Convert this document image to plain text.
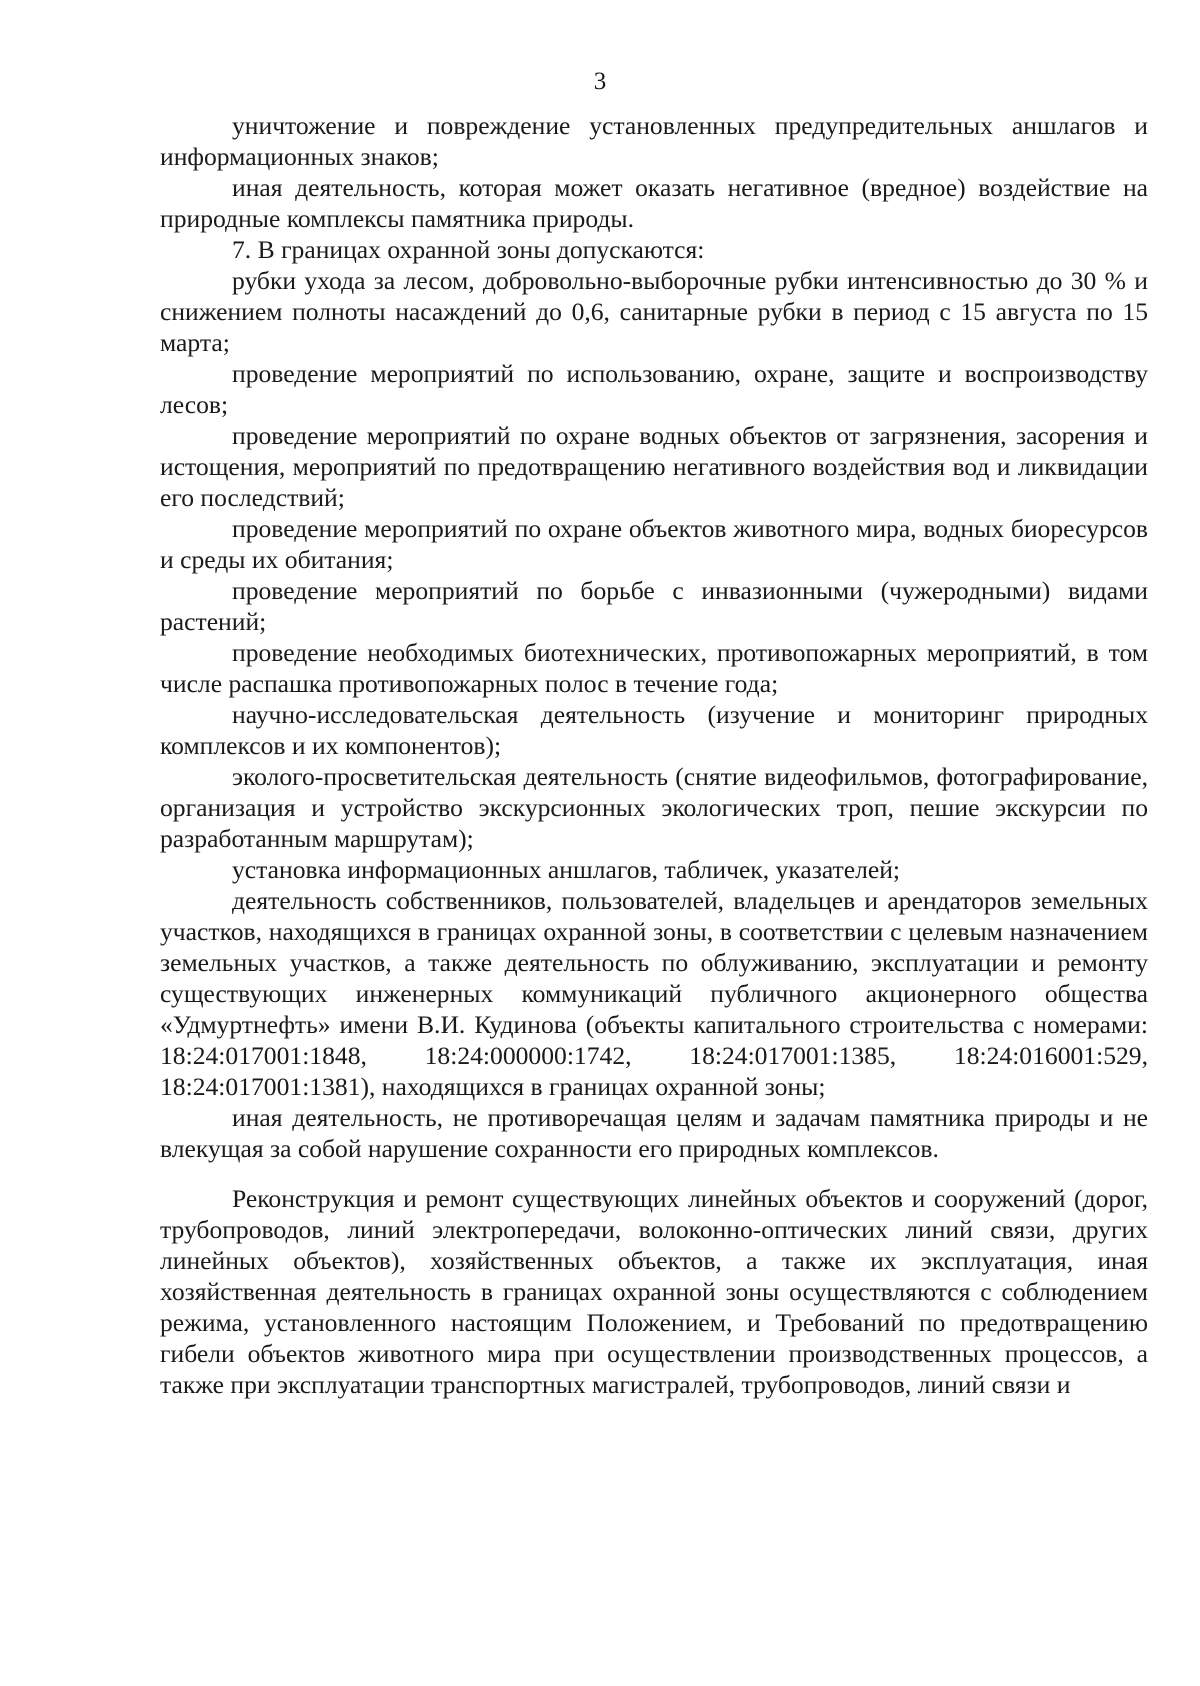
3

уничтожение и повреждение установленных предупредительных аншлагов и информационных знаков;

иная деятельность, которая может оказать негативное (вредное) воздействие на природные комплексы памятника природы.

7. В границах охранной зоны допускаются:

рубки ухода за лесом, добровольно-выборочные рубки интенсивностью до 30 % и снижением полноты насаждений до 0,6, санитарные рубки в период с 15 августа по 15 марта;

проведение мероприятий по использованию, охране, защите и воспроизводству лесов;

проведение мероприятий по охране водных объектов от загрязнения, засорения и истощения, мероприятий по предотвращению негативного воздействия вод и ликвидации его последствий;

проведение мероприятий по охране объектов животного мира, водных биоресурсов и среды их обитания;

проведение мероприятий по борьбе с инвазионными (чужеродными) видами растений;

проведение необходимых биотехнических, противопожарных мероприятий, в том числе распашка противопожарных полос в течение года;

научно-исследовательская деятельность (изучение и мониторинг природных комплексов и их компонентов);

эколого-просветительская деятельность (снятие видеофильмов, фотографирование, организация и устройство экскурсионных экологических троп, пешие экскурсии по разработанным маршрутам);

установка информационных аншлагов, табличек, указателей;

деятельность собственников, пользователей, владельцев и арендаторов земельных участков, находящихся в границах охранной зоны, в соответствии с целевым назначением земельных участков, а также деятельность по облуживанию, эксплуатации и ремонту существующих инженерных коммуникаций публичного акционерного общества «Удмуртнефть» имени В.И. Кудинова (объекты капитального строительства с номерами: 18:24:017001:1848, 18:24:000000:1742, 18:24:017001:1385, 18:24:016001:529, 18:24:017001:1381), находящихся в границах охранной зоны;

иная деятельность, не противоречащая целям и задачам памятника природы и не влекущая за собой нарушение сохранности его природных комплексов.

Реконструкция и ремонт существующих линейных объектов и сооружений (дорог, трубопроводов, линий электропередачи, волоконно-оптических линий связи, других линейных объектов), хозяйственных объектов, а также их эксплуатация, иная хозяйственная деятельность в границах охранной зоны осуществляются с соблюдением режима, установленного настоящим Положением, и Требований по предотвращению гибели объектов животного мира при осуществлении производственных процессов, а также при эксплуатации транспортных магистралей, трубопроводов, линий связи и
